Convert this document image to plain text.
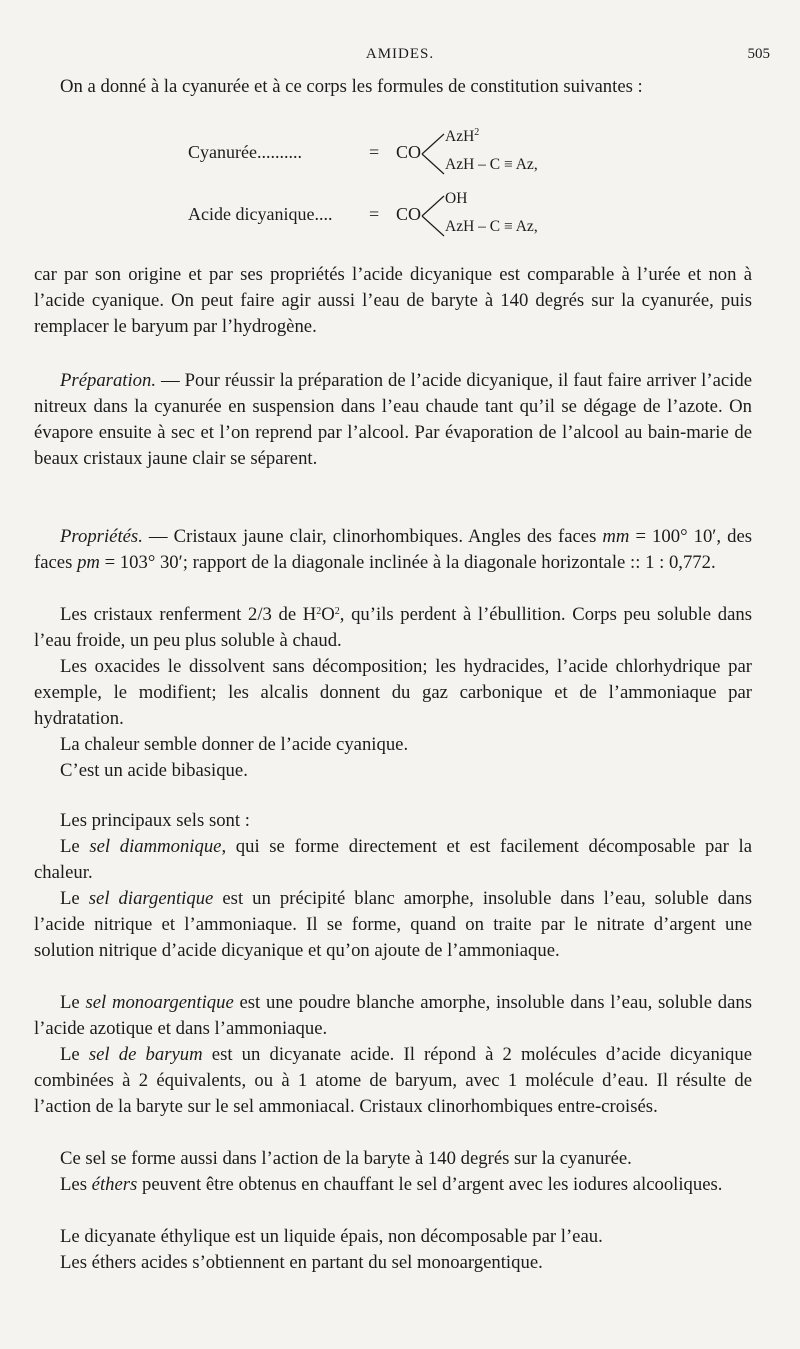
AMIDES.	505

On a donné à la cyanurée et à ce corps les formules de constitution suivantes :

Cyanurée..........	= CO
AzH$^2$
AzH – C ≡ Az,
Acide dicyanique.... = CO
OH
AzH – C ≡ Az,

car par son origine et par ses propriétés l’acide dicyanique est comparable à l’urée et non à l’acide cyanique. On peut faire agir aussi l’eau de baryte à 140 degrés sur la cyanurée, puis remplacer le baryum par l’hydrogène.

Préparation. — Pour réussir la préparation de l’acide dicyanique, il faut faire arriver l’acide nitreux dans la cyanurée en suspension dans l’eau chaude tant qu’il se dégage de l’azote. On évapore ensuite à sec et l’on reprend par l’alcool. Par évaporation de l’alcool au bain-marie de beaux cristaux jaune clair se séparent.

Propriétés. — Cristaux jaune clair, clinorhombiques. Angles des faces mm = 100° 10′, des faces pm = 103° 30′; rapport de la diagonale inclinée à la diagonale horizontale :: 1 : 0,772.

Les cristaux renferment 2/3 de $H^2O^2$, qu’ils perdent à l’ébullition. Corps peu soluble dans l’eau froide, un peu plus soluble à chaud.

Les oxacides le dissolvent sans décomposition; les hydracides, l’acide chlorhydrique par exemple, le modifient; les alcalis donnent du gaz carbonique et de l’ammoniaque par hydratation.

La chaleur semble donner de l’acide cyanique.

C’est un acide bibasique.

Les principaux sels sont :

Le sel diammonique, qui se forme directement et est facilement décomposable par la chaleur.

Le sel diargentique est un précipité blanc amorphe, insoluble dans l’eau, soluble dans l’acide nitrique et l’ammoniaque. Il se forme, quand on traite par le nitrate d’argent une solution nitrique d’acide dicyanique et qu’on ajoute de l’ammoniaque.

Le sel monoargentique est une poudre blanche amorphe, insoluble dans l’eau, soluble dans l’acide azotique et dans l’ammoniaque.

Le sel de baryum est un dicyanate acide. Il répond à 2 molécules d’acide dicyanique combinées à 2 équivalents, ou à 1 atome de baryum, avec 1 molécule d’eau. Il résulte de l’action de la baryte sur le sel ammoniacal. Cristaux clinorhombiques entre-croisés.

Ce sel se forme aussi dans l’action de la baryte à 140 degrés sur la cyanurée.

Les éthers peuvent être obtenus en chauffant le sel d’argent avec les iodures alcooliques.

Le dicyanate éthylique est un liquide épais, non décomposable par l’eau.

Les éthers acides s’obtiennent en partant du sel monoargentique.
